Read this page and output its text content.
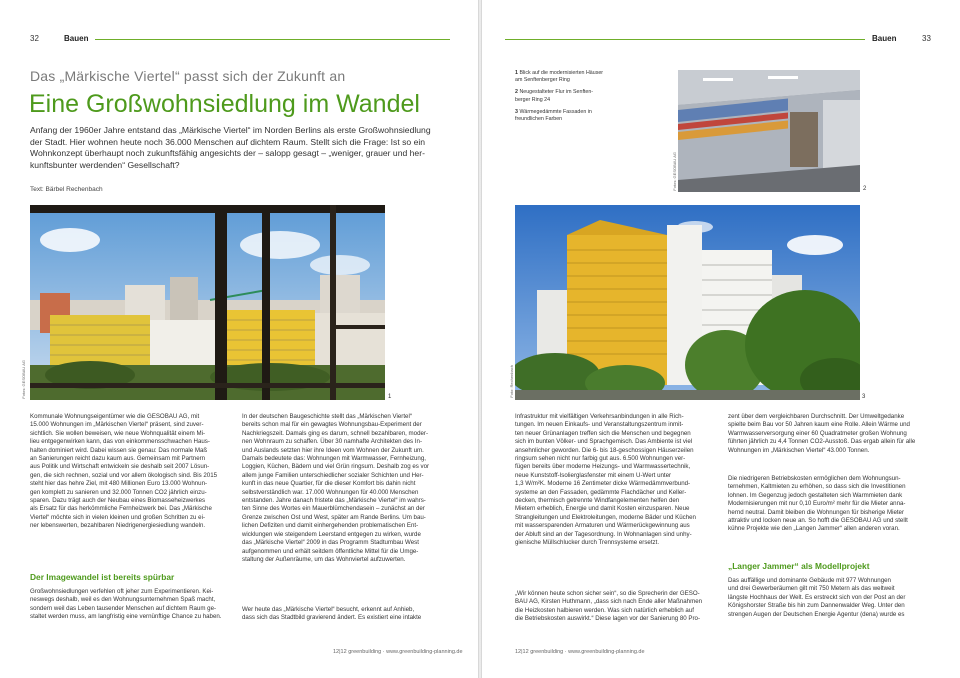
32	Bauen
Das „Märkische Viertel“ passt sich der Zukunft an
Eine Großwohnsiedlung im Wandel
Anfang der 1960er Jahre entstand das „Märkische Viertel“ im Norden Berlins als erste Großwohnsiedlung
der Stadt. Hier wohnen heute noch 36.000 Menschen auf dichtem Raum. Stellt sich die Frage: Ist so ein
Wohnkonzept überhaupt noch zukunftsfähig angesichts der – salopp gesagt – „weniger, grauer und her-
kunftsbunter werdenden“ Gesellschaft?
Text: Bärbel Rechenbach
Fotos: GESOBAU AG	1

Kommunale Wohnungseigentümer wie die GESOBAU AG, mit

15.000 Wohnungen im „Märkischen Viertel“ präsent, sind zuver-

sichtlich. Sie wollen beweisen, wie neue Wohnqualität einem Mi-

lieu entgegenwirken kann, das von einkommensschwachen Haus-

halten dominiert wird. Dabei wissen sie genau: Das normale Maß

an Sanierungen reicht dazu kaum aus. Gemeinsam mit Partnern

aus Politik und Wirtschaft entwickeln sie deshalb seit 2007 Lösun-

gen, die sich rechnen, sozial und vor allem ökologisch sind. Bis 2015

steht hier das hehre Ziel, mit 480 Millionen Euro 13.000 Wohnun-

gen komplett zu sanieren und 32.000 Tonnen CO2 jährlich einzu-

sparen. Dazu trägt auch der Neubau eines Biomasseheizwerkes

als Ersatz für das herkömmliche Fernheizwerk bei. Das „Märkische

Viertel“ möchte sich in vielen kleinen und großen Schritten zu ei-

ner lebenswerten, bezahlbaren Niedrigenergiesiedlung wandeln.

Der Imagewandel ist bereits spürbar

Großwohnsiedlungen verfehlen oft jeher zum Experimentieren. Kei-

neswegs deshalb, weil es den Wohnungsunternehmen Spaß macht,

sondern weil das Leben tausender Menschen auf dichtem Raum ge-

staltet werden muss, am langfristig eine vernünftige Chance zu haben.

In der deutschen Baugeschichte stellt das „Märkischen Viertel“

bereits schon mal für ein gewagtes Wohnungsbau-Experiment der

Nachkriegszeit. Damals ging es darum, schnell bezahlbaren, moder-

nen Wohnraum zu schaffen. Über 30 namhafte Architekten des In-

und Auslands setzten hier ihre Ideen vom Wohnen der Zukunft um.

Damals bedeutete das: Wohnungen mit Warmwasser, Fernheizung,

Loggien, Küchen, Bädern und viel Grün ringsum. Deshalb zog es vor

allem junge Familien unterschiedlicher sozialer Schichten und Her-

kunft in das neue Quartier, für die dieser Komfort bis dahin nicht

selbstverständlich war. 17.000 Wohnungen für 40.000 Menschen

entstanden. Jahre danach fristete das „Märkische Viertel“ im wahrs-

ten Sinne des Wortes ein Mauerblümchendasein – zunächst an der

Grenze zwischen Ost und West, später am Rande Berlins. Um bau-

lichen Defiziten und damit einhergehenden problematischen Ent-

wicklungen wie steigendem Leerstand entgegen zu wirken, wurde

das „Märkische Viertel“ 2009 in das Programm Stadtumbau West

aufgenommen und erhält seitdem öffentliche Mittel für die Umge-

staltung der Außenräume, um das Wohnviertel aufzuwerten.

Wer heute das „Märkische Viertel“ besucht, erkennt auf Anhieb,

dass sich das Stadtbild gravierend ändert. Es existiert eine intakte

12|12 greenbuilding · www.greenbuilding-planning.de
Bauen	33
1 Blick auf die modernisierten Häuser
am Senftenberger Ring
2 Neugestalteter Flur im Senften-
berger Ring 24
3 Wärmegedämmte Fassaden in
freundlichen Farben
Fotos: GESOBAU AG	2
Foto: Rechenbach	3

Infrastruktur mit vielfältigen Verkehrsanbindungen in alle Rich-

tungen. Im neuen Einkaufs- und Veranstaltungszentrum inmit-

ten neuer Grünanlagen treffen sich die Menschen und begegnen

sich im bunten Völker- und Sprachgemisch. Das Ambiente ist viel

ansehnlicher geworden. Die 6- bis 18-geschossigen Häuserzeilen

ringsum sehen nicht nur farbig gut aus. 6.500 Wohnungen ver-

fügen bereits über moderne Heizungs- und Warmwassertechnik,

neue Kunststoff-Isolierglasfenster mit einem U-Wert unter

1,3 W/m²K. Moderne 16 Zentimeter dicke Wärmedämmverbund-

systeme an den Fassaden, gedämmte Flachdächer und Keller-

decken, thermisch getrennte Windfangelementen helfen den

Mietern erheblich, Energie und damit Kosten einzusparen. Neue

Strangleitungen und Elektroleitungen, moderne Bäder und Küchen

mit wassersparenden Armaturen und Wärmerückgewinnung aus

der Abluft sind an der Tagesordnung. In Wohnanlagen sind unhy-

gienische Müllschlucker durch Trennsysteme ersetzt.

„Wir können heute schon sicher sein“, so die Sprecherin der GESO-

BAU AG, Kirsten Huthmann, „dass sich nach Ende aller Maßnahmen

die Heizkosten halbieren werden. Was sich natürlich erheblich auf

die Betriebskosten auswirkt.“ Diese lagen vor der Sanierung 80 Pro-

zent über dem vergleichbaren Durchschnitt. Der Umweltgedanke

spielte beim Bau vor 50 Jahren kaum eine Rolle. Allein Wärme und

Warmwasserversorgung einer 60 Quadratmeter großen Wohnung

führten jährlich zu 4,4 Tonnen CO2-Ausstoß. Das ergab allein für alle

Wohnungen im „Märkischen Viertel“ 43.000 Tonnen.

Die niedrigeren Betriebskosten ermöglichen dem Wohnungsun-

ternehmen, Kaltmieten zu erhöhen, so dass sich die Investitionen

lohnen. Im Gegenzug jedoch gestalteten sich Warmmieten dank

Modernisierungen mit nur 0,10 Euro/m² mehr für die Mieter anna-

hernd neutral. Damit bleiben die Wohnungen für bisherige Mieter

attraktiv und locken neue an. So hofft die GESOBAU AG und stellt

kühne Projekte wie den „Langen Jammer“ allen anderen voran.

„Langer Jammer“ als Modellprojekt

Das auffällige und dominante Gebäude mit 977 Wohnungen

und drei Gewerberäumen gilt mit 750 Metern als das weltweit

längste Hochhaus der Welt. Es erstreckt sich von der Post an der

Königshorster Straße bis hin zum Dannenwalder Weg. Unter den

strengen Augen der Deutschen Energie Agentur (dena) wurde es

12|12 greenbuilding · www.greenbuilding-planning.de
